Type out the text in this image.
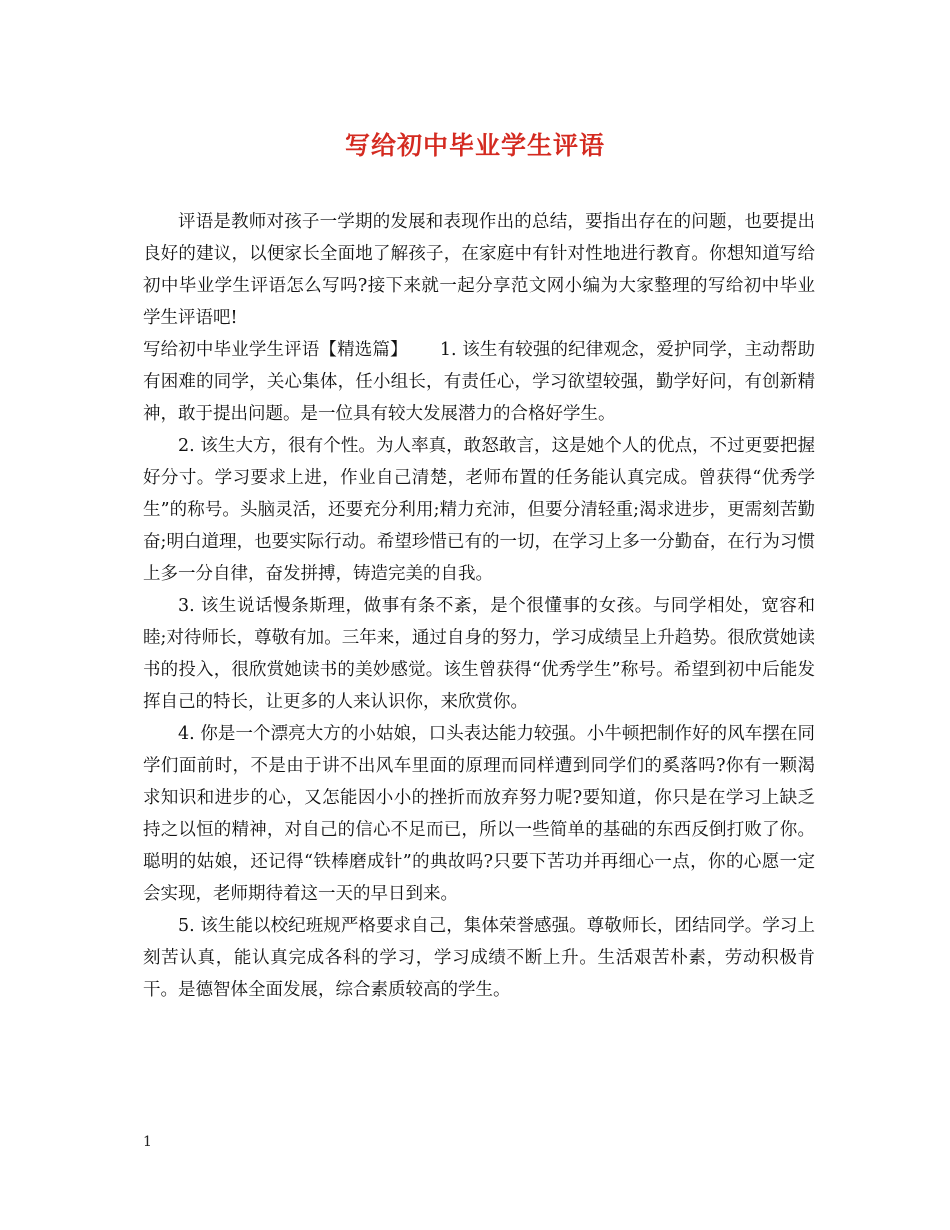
写给初中毕业学生评语

评语是教师对孩子一学期的发展和表现作出的总结，要指出存在的问题，也要提出良好的建议，以便家长全面地了解孩子，在家庭中有针对性地进行教育。你想知道写给初中毕业学生评语怎么写吗?接下来就一起分享范文网小编为大家整理的写给初中毕业学生评语吧!

写给初中毕业学生评语【精选篇】　　 1. 该生有较强的纪律观念，爱护同学，主动帮助有困难的同学，关心集体，任小组长，有责任心，学习欲望较强，勤学好问，有创新精神，敢于提出问题。是一位具有较大发展潜力的合格好学生。

2. 该生大方，很有个性。为人率真，敢怒敢言，这是她个人的优点，不过更要把握好分寸。学习要求上进，作业自己清楚，老师布置的任务能认真完成。曾获得“优秀学生”的称号。头脑灵活，还要充分利用;精力充沛，但要分清轻重;渴求进步，更需刻苦勤奋;明白道理，也要实际行动。希望珍惜已有的一切，在学习上多一分勤奋，在行为习惯上多一分自律，奋发拼搏，铸造完美的自我。

3. 该生说话慢条斯理，做事有条不紊，是个很懂事的女孩。与同学相处，宽容和睦;对待师长，尊敬有加。三年来，通过自身的努力，学习成绩呈上升趋势。很欣赏她读书的投入，很欣赏她读书的美妙感觉。该生曾获得“优秀学生”称号。希望到初中后能发挥自己的特长，让更多的人来认识你，来欣赏你。

4. 你是一个漂亮大方的小姑娘，口头表达能力较强。小牛顿把制作好的风车摆在同学们面前时，不是由于讲不出风车里面的原理而同样遭到同学们的奚落吗?你有一颗渴求知识和进步的心，又怎能因小小的挫折而放弃努力呢?要知道，你只是在学习上缺乏持之以恒的精神，对自己的信心不足而已，所以一些简单的基础的东西反倒打败了你。聪明的姑娘，还记得“铁棒磨成针”的典故吗?只要下苦功并再细心一点，你的心愿一定会实现，老师期待着这一天的早日到来。

5. 该生能以校纪班规严格要求自己，集体荣誉感强。尊敬师长，团结同学。学习上刻苦认真，能认真完成各科的学习，学习成绩不断上升。生活艰苦朴素，劳动积极肯干。是德智体全面发展，综合素质较高的学生。

1
